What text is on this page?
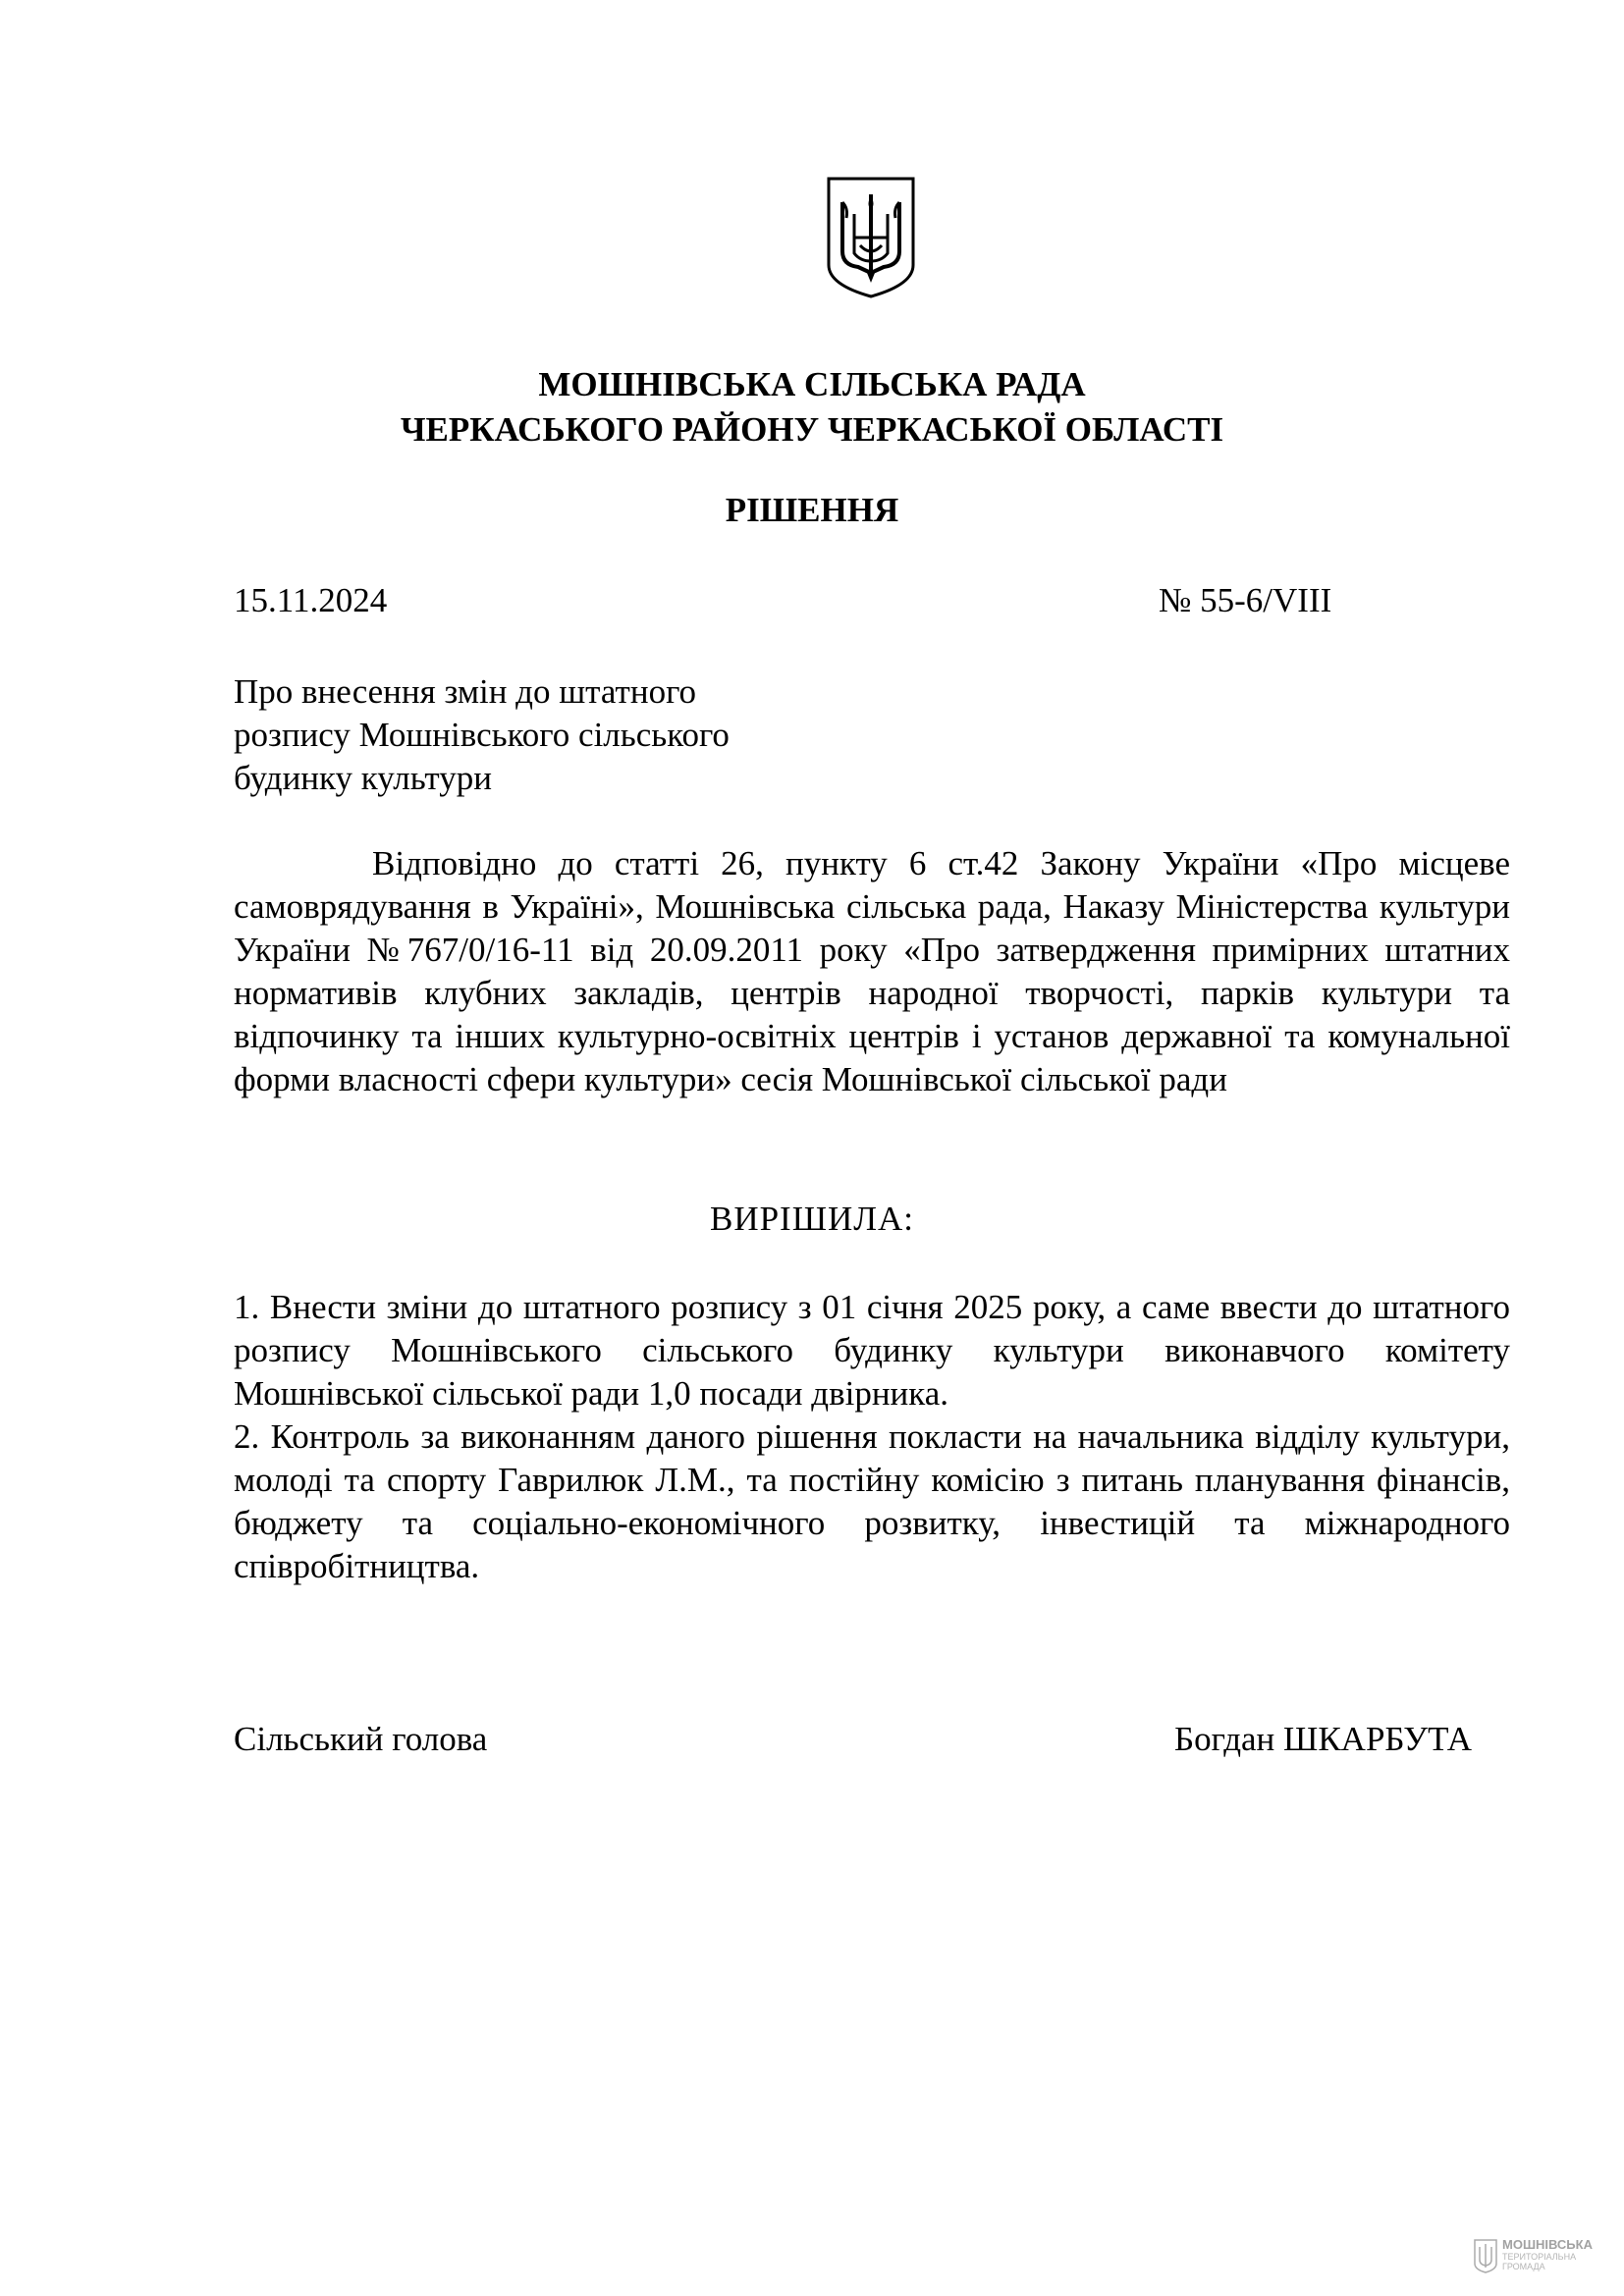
МОШНІВСЬКА СІЛЬСЬКА РАДА
ЧЕРКАСЬКОГО РАЙОНУ ЧЕРКАСЬКОЇ ОБЛАСТІ
РІШЕННЯ
15.11.2024	№ 55-6/VIII
Про внесення змін до штатного
розпису Мошнівського сільського
будинку культури
Відповідно до статті 26, пункту 6 ст.42 Закону України «Про місцеве самоврядування в Україні», Мошнівська сільська рада, Наказу Міністерства культури України №767/0/16-11 від 20.09.2011 року «Про затвердження примірних штатних нормативів клубних закладів, центрів народної творчості, парків культури та відпочинку та інших культурно-освітніх центрів і установ державної та комунальної форми власності сфери культури» сесія Мошнівської сільської ради
ВИРІШИЛА:

1. Внести зміни до штатного розпису з 01 січня 2025 року, а саме ввести до штатного розпису Мошнівського сільського будинку культури виконавчого комітету Мошнівської сільської ради 1,0 посади двірника.

2. Контроль за виконанням даного рішення покласти на начальника відділу культури, молоді та спорту Гаврилюк Л.М., та постійну комісію з питань планування фінансів, бюджету та соціально-економічного розвитку, інвестицій та міжнародного співробітництва.

Сільський голова	Богдан ШКАРБУТА
МОШНІВСЬКА
ТЕРИТОРІАЛЬНА ГРОМАДА
